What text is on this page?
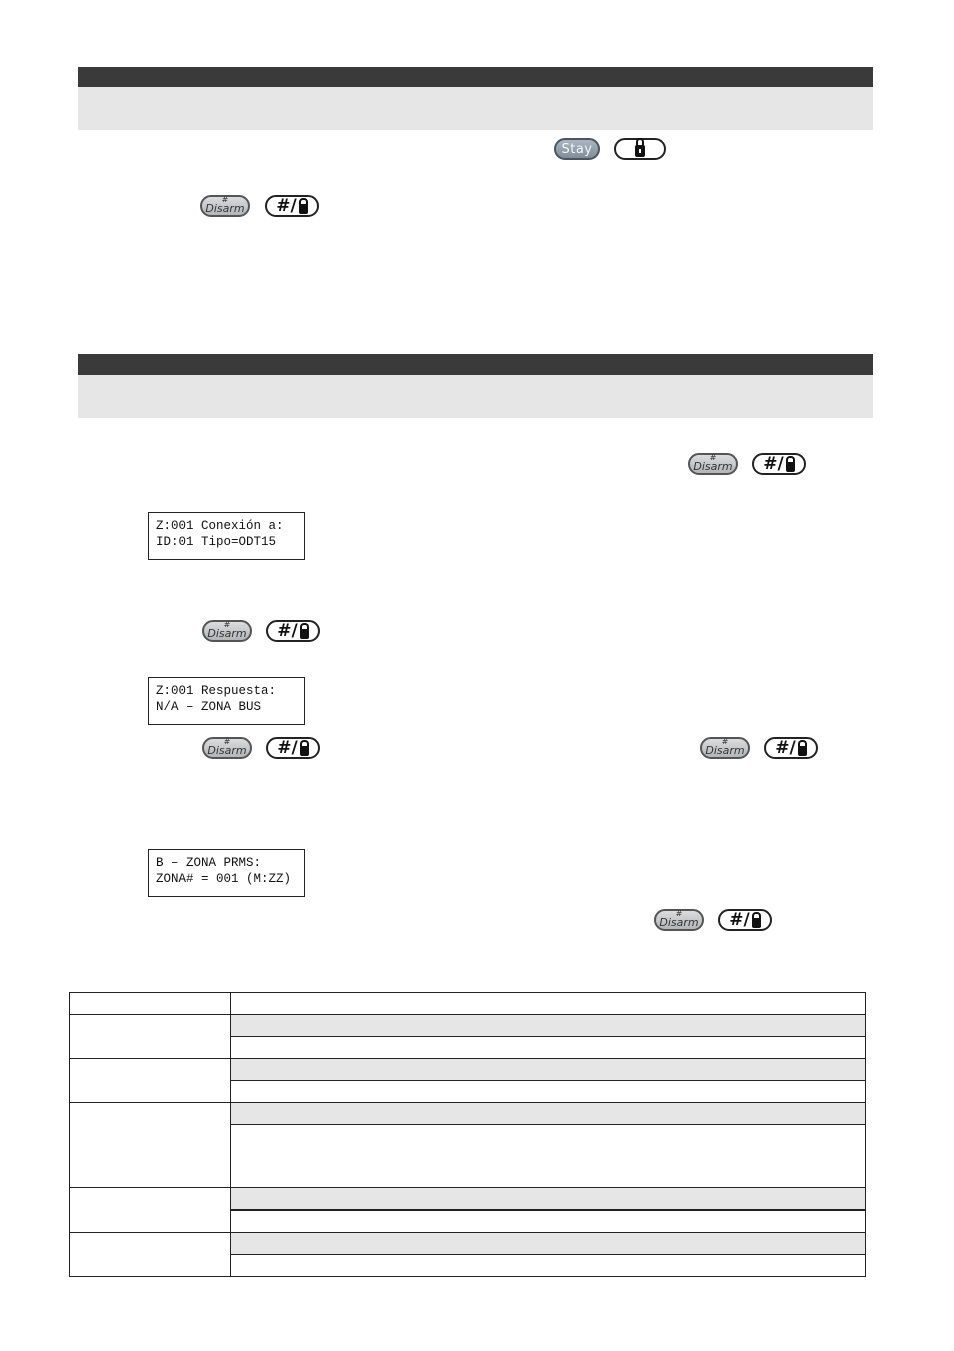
Stay
#
Disarm #/
#
Disarm #/
Z:001 Conexión a:
ID:01 Tipo=ODT15
#
Disarm #/
Z:001 Respuesta:
N/A – ZONA BUS
#
Disarm #/	#
Disarm #/
B – ZONA PRMS:
ZONA# = 001 (M:ZZ)
#
Disarm #/
